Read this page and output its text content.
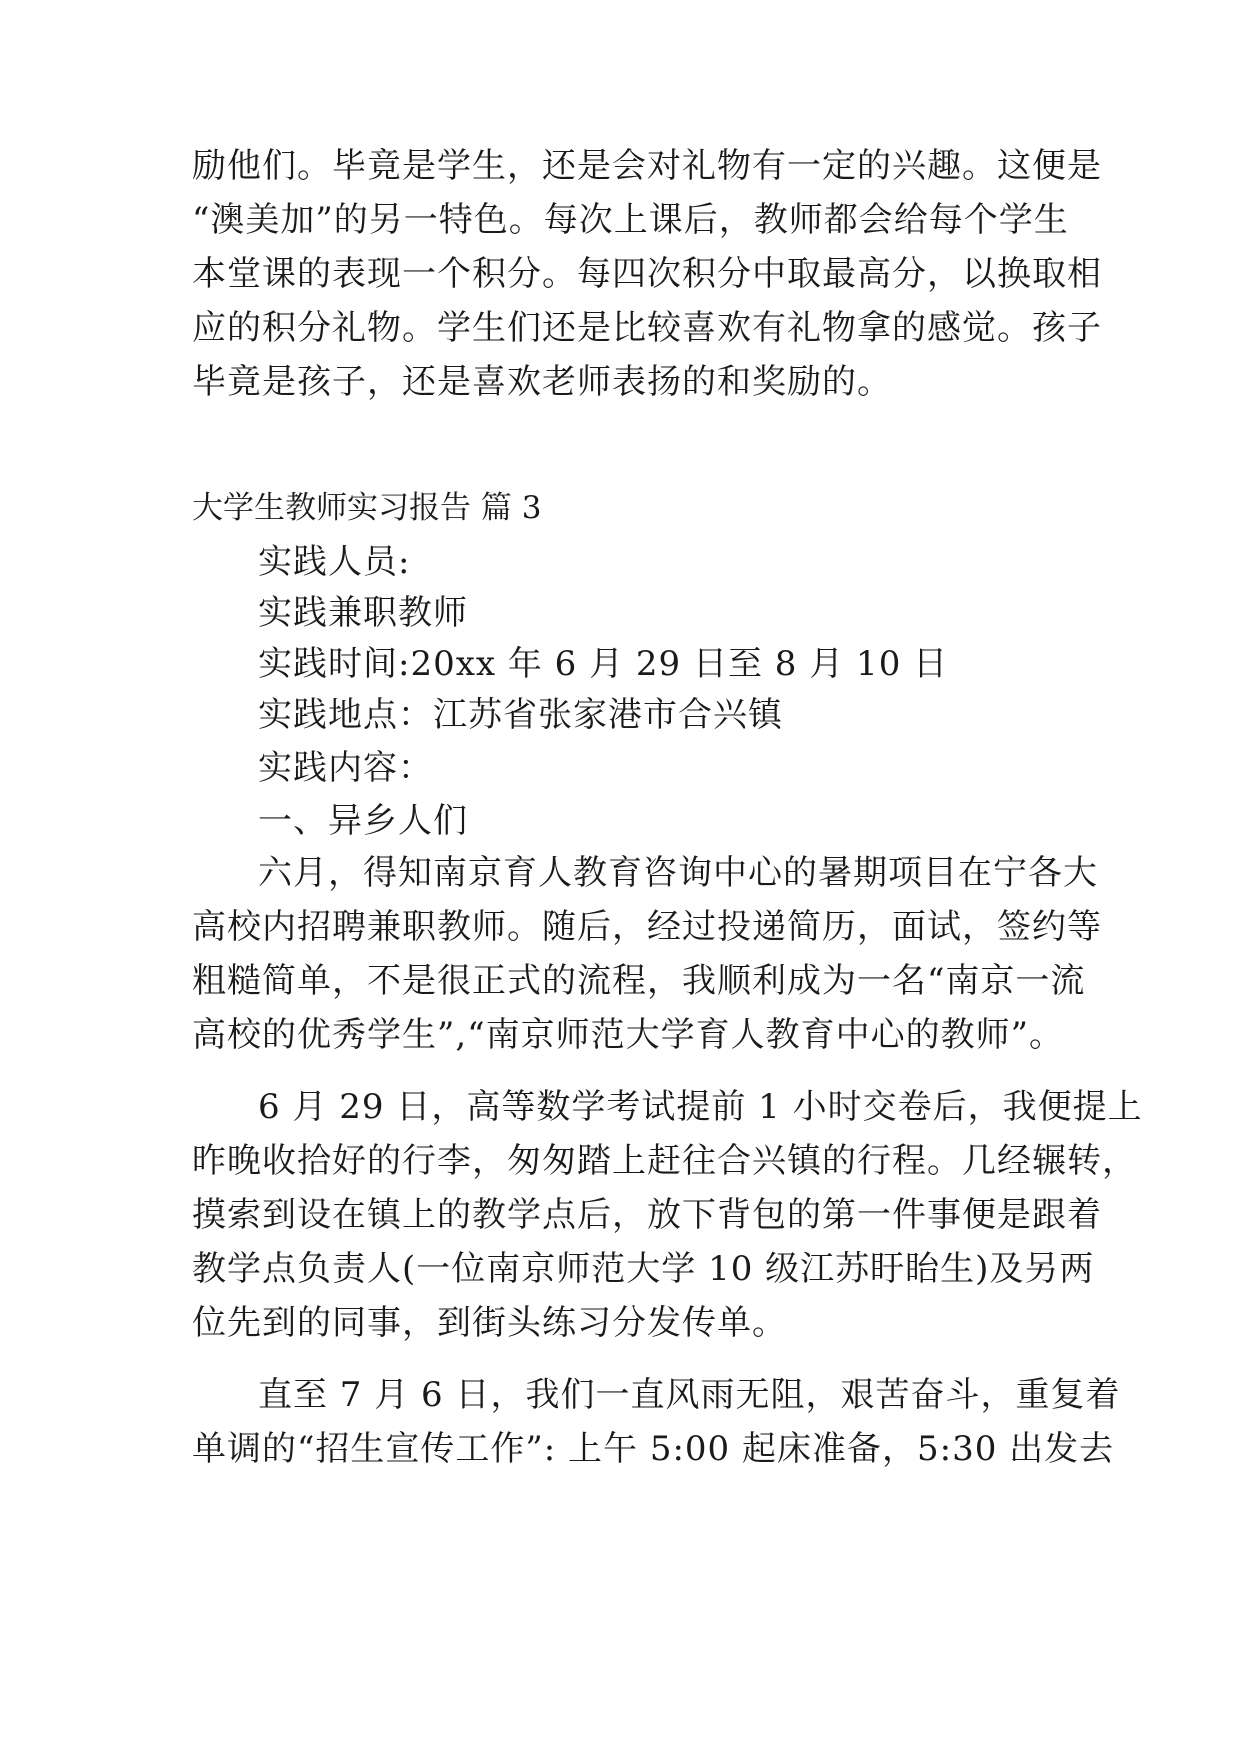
励他们。毕竟是学生，还是会对礼物有一定的兴趣。这便是
“澳美加”的另一特色。每次上课后，教师都会给每个学生
本堂课的表现一个积分。每四次积分中取最高分，以换取相
应的积分礼物。学生们还是比较喜欢有礼物拿的感觉。孩子
毕竟是孩子，还是喜欢老师表扬的和奖励的。
大学生教师实习报告 篇 3
实践人员:
实践兼职教师
实践时间:20xx 年 6 月 29 日至 8 月 10 日
实践地点：江苏省张家港市合兴镇
实践内容：
一、异乡人们
六月，得知南京育人教育咨询中心的暑期项目在宁各大
高校内招聘兼职教师。随后，经过投递简历，面试，签约等
粗糙简单，不是很正式的流程，我顺利成为一名“南京一流
高校的优秀学生”,“南京师范大学育人教育中心的教师”。
6 月 29 日，高等数学考试提前 1 小时交卷后，我便提上
昨晚收拾好的行李，匆匆踏上赶往合兴镇的行程。几经辗转，
摸索到设在镇上的教学点后，放下背包的第一件事便是跟着
教学点负责人(一位南京师范大学 10 级江苏盱眙生)及另两
位先到的同事，到街头练习分发传单。
直至 7 月 6 日，我们一直风雨无阻，艰苦奋斗，重复着
单调的“招生宣传工作”: 上午 5:00 起床准备，5:30 出发去
